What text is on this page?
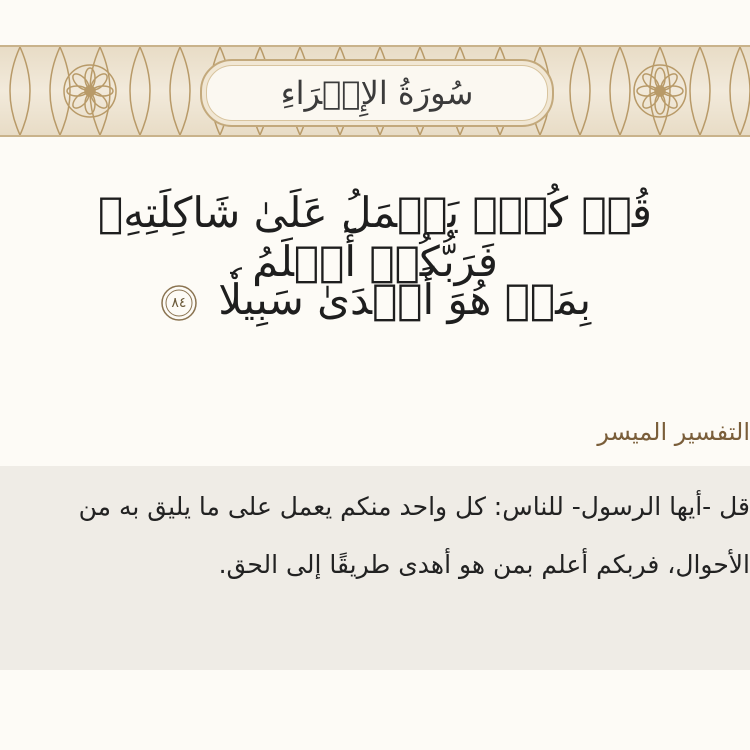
سُورَةُ الإِسۡرَاءِ
قُلۡ كُلّٞ يَعۡمَلُ عَلَىٰ شَاكِلَتِهِۦ فَرَبُّكُمۡ أَعۡلَمُ
بِمَنۡ هُوَ أَهۡدَىٰ سَبِيلٗا
٨٤
التفسير الميسر
قل -أيها الرسول- للناس: كل واحد منكم يعمل على ما يليق به من الأحوال، فربكم أعلم بمن هو أهدى طريقًا إلى الحق.
